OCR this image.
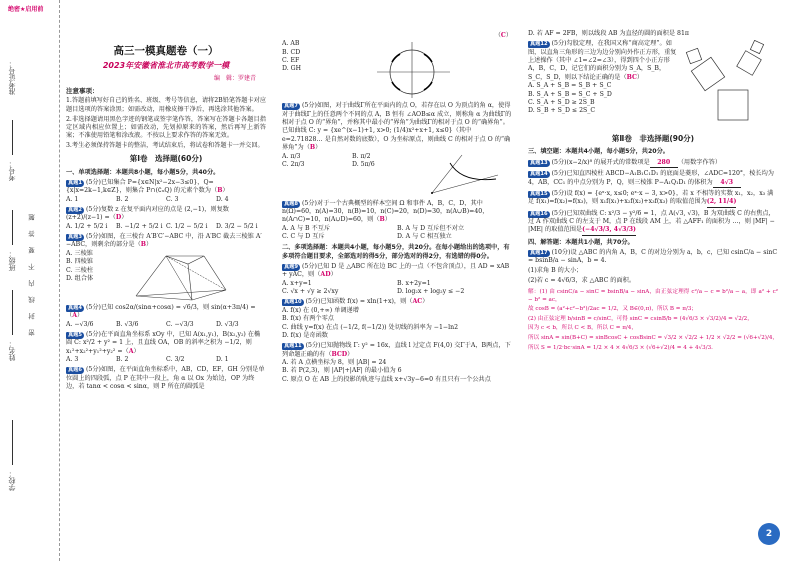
绝密★启用前
学校：
姓名：
班级：
考号：
准考证号：
密 封 线 内 不 要 答 题
高三一模真题卷（一）
2023年安徽省淮北市高考数学一模
编　辑：罗建青
注意事项：

1.答题前填写好自己的姓名、班级、考号等信息，请将2B铅笔答题卡对应题目选项的答案涂黑；如需改动，用橡皮擦干净后，再选涂其他答案。

2.非选择题请用黑色字迹的钢笔或签字笔作答，答案写在答题卡各题目指定区域内相应位置上；如需改动，先划掉原来的答案，然后再写上新答案；不准使用铅笔和涂改液。不按以上要求作答的答案无效。

3.考生必须保持答题卡的整洁，考试结束后，将试卷和答题卡一并交回。

第Ⅰ卷　选择题(60分)
一、单项选择题：本题共8小题，每小题5分，共40分。
真题1 (5分)已知集合 P={x∈N|x²−2x−3≤0}，Q={x|x=2k−1,k∈Z}，则集合 P∩(∁ᵤQ) 的元素个数为（B）
A. 1	B. 2	C. 3	D. 4
真题2 (5分)复数 z 在复平面内对应的点是 (2,−1)，则复数 (z+2)/(z−1) =（D）
A. 1/2 + 5/2 i	B. −1/2 + 5/2 i C. 1/2 − 5/2 i	D. 3/2 − 5/2 i
真题3 (5分)如图，在三棱台 A′B′C′−ABC 中，沿 A′BC 截去三棱锥 A′−ABC，则剩余的部分是（B）
A. 三棱锥
B. 四棱锥
C. 三棱柱
D. 组合体
真题4 (5分)已知 cos2α/(sinα+cosα) = √6/3，则 sin(α+3π/4) =（A）
A. −√3/6	B. √3/6	C. −√3/3	D. √3/3
真题5 (5分)在平面直角坐标系 xOy 中，已知 A(x₁,y₁)，B(x₂,y₂) 在椭圆 C: x²/2 + y² = 1 上，且直线 OA，OB 的斜率之积为 −1/2，则 x₁²+x₂²+y₁²+y₂² =（A）
A. 3	B. 2	C. 3/2	D. 1
真题6 (5分)如图，在平面直角坐标系中，AB，CD，EF，GH 分别是单位圆上的四段弧，点 P 在其中一段上，角 α 以 Ox 为始边，OP 为终边，若 tanα < cosα < sinα，则 P 所在的圆弧是
（C）
A. AB
B. CD
C. EF
D. GH
真题7 (5分)如图，对于曲线Γ所在平面内的点 O，若存在以 O 为顶点的角 α，使得对于曲线Γ上的任意两个不同的点 A，B 恒有 ∠AOB≤α 成立，则称角 α 为曲线Γ的相对于点 O 的“界角”，并称其中最小的“界角”为曲线Γ的相对于点 O 的“确界角”。已知曲线 C: y = {xe^(x−1)+1, x>0; (1/4)x²+x+1, x≤0}（其中 e=2.71828… 是自然对数的底数），O 为坐标原点，则曲线 C 的相对于点 O 的“确界角”为（B）
A. π/3	B. π/2
C. 2π/3	D. 5π/6
真题8 (5分)对于一个古典概型的样本空间 Ω 和事件 A，B，C，D，其中 n(Ω)=60，n(A)=30，n(B)=10，n(C)=20，n(D)=30，n(A∪B)=40，n(A∩C)=10，n(A∪D)=60，则（B）
A. A 与 B 不互斥	B. A 与 D 互斥但不对立
C. C 与 D 互斥	D. A 与 C 相互独立
二、多项选择题：本题共4小题，每小题5分，共20分。在每小题给出的选项中，有多项符合题目要求，全部选对的得5分，部分选对的得2分，有选错的得0分。
真题9 (5分)已知 D 是 △ABC 所在边 BC 上的一点（不包含顶点），且 AD = xAB + yAC，则（AD）
A. x+y=1	B. x+2y=1
C. √x + √y ≥ 2√xy	D. log₂x + log₂y ≤ −2
真题10 (5分)已知函数 f(x) = xln(1+x)，则（AC）
A. f(x) 在 (0,+∞) 单调递增
B. f(x) 有两个零点
C. 曲线 y=f(x) 在点 (−1/2, f(−1/2)) 处切线的斜率为 −1−ln2
D. f(x) 是奇函数
真题11 (5分)已知抛物线 Γ: y² = 16x，直线 l 过定点 F(4,0) 交Γ于A，B两点，下列命题正确的有（BCD）
A. 若 A 点横坐标为 8，则 |AB| = 24
B. 若 P(2,3)，则 |AP|+|AF| 的最小值为 6
C. 原点 O 在 AB 上的投影的轨迹与直线 x+√3y−6=0 有且只有一个公共点
D. 若 AF = 2FB，则以线段 AB 为直径的圆的面积是 81π
真题12 (5分)勾股定理，在我国又称“商高定理”。如图，以直角三角形的三边为边分别向外作正方形，重复上述操作（其中 ∠1=∠2=∠3），得到四个小正方形 A，B，C，D，记它们的面积分别为 S_A，S_B，S_C，S_D，则以下结论正确的是（BC）
A. S_A + S_B = S_B + S_C
B. S_A + S_B = S_C + S_D
C. S_A + S_D ≥ 2S_B
D. S_B + S_D ≤ 2S_C
第Ⅱ卷　非选择题(90分)
三、填空题：本题共4小题，每小题5分，共20分。
真题13 (5分)(x−2/x)⁸ 的展开式的常数项是 280 （用数字作答）
真题14 (5分)已知直四棱柱 ABCD−A₁B₁C₁D₁ 的底面是菱形，∠ADC=120°，棱长均为 4，AB，CC₁ 的中点分别为 P，Q，则三棱锥 P−A₁Q₁D₁ 的体积为 4√3
真题15 (5分)设 f(x) = {eˣ·x, x≤0; eˣ·x − 3, x>0}，若 x 不相等的实数 x₁，x₂，x₃ 满足 f(x₁)=f(x₂)=f(x₃)，则 x₁f(x₁)+x₂f(x₂)+x₃f(x₃) 的取值范围为(2, 11/4)
真题16 (5分)已知双曲线 C: x²/3 − y²/6 = 1，点 A(√3, √3)，B 为双曲线 C 的右焦点，过 A 作双曲线 C 的左支于 M，点 P 在线段 AM 上，若 △AFF₁ 的面积为 …，则 |MF| − |ME| 的取值范围是(−4√3/3, 4√3/3)
四、解答题：本题共1小题，共70分。
真题17 (10分)设 △ABC 的内角 A，B，C 的对边分别为 a，b，c，已知 csinC/a − sinC = bsinB/a − sinA，b = 4.

(1)求角 B 的大小；

(2)若 c = 4√6/3，求 △ABC 的面积。

解：(1) 由 csinC/a − sinC = bsinB/a − sinA，由正弦定理得 c²/a − c = b²/a − a，即 a² + c² − b² = ac，

故 cosB = (a²+c²−b²)/2ac = 1/2，又 B∈(0,π)，所以 B = π/3；

(2) 由正弦定理 b/sinB = c/sinC，可得 sinC = csinB/b = (4√6/3 × √3/2)/4 = √2/2，

因为 c < b，所以 C < B，所以 C = π/4，

所以 sinA = sin(B+C) = sinBcosC + cosBsinC = √3/2 × √2/2 + 1/2 × √2/2 = (√6+√2)/4，

所以 S = 1/2·bc·sinA = 1/2 × 4 × 4√6/3 × (√6+√2)/4 = 4 + 4√3/3.

2
